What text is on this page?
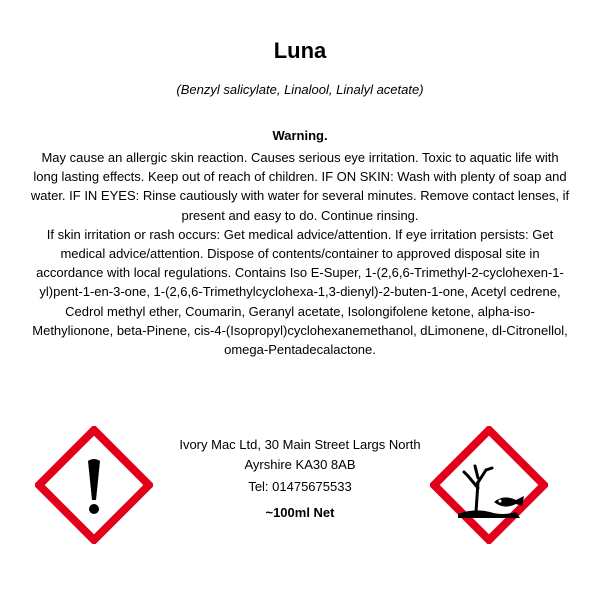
Luna
(Benzyl salicylate, Linalool, Linalyl acetate)
Warning.

May cause an allergic skin reaction. Causes serious eye irritation. Toxic to aquatic life with long lasting effects. Keep out of reach of children. IF ON SKIN: Wash with plenty of soap and water. IF IN EYES: Rinse cautiously with water for several minutes. Remove contact lenses, if present and easy to do. Continue rinsing.

If skin irritation or rash occurs: Get medical advice/attention. If eye irritation persists: Get medical advice/attention. Dispose of contents/container to approved disposal site in accordance with local regulations. Contains Iso E-Super, 1-(2,6,6-Trimethyl-2-cyclohexen-1-yl)pent-1-en-3-one, 1-(2,6,6-Trimethylcyclohexa-1,3-dienyl)-2-buten-1-one, Acetyl cedrene, Cedrol methyl ether, Coumarin, Geranyl acetate, Isolongifolene ketone, alpha-iso-Methylionone, beta-Pinene, cis-4-(Isopropyl)cyclohexanemethanol, dLimonene, dl-Citronellol, omega-Pentadecalactone.

Ivory Mac Ltd, 30 Main Street Largs North Ayrshire KA30 8AB
Tel: 01475675533
~100ml Net
